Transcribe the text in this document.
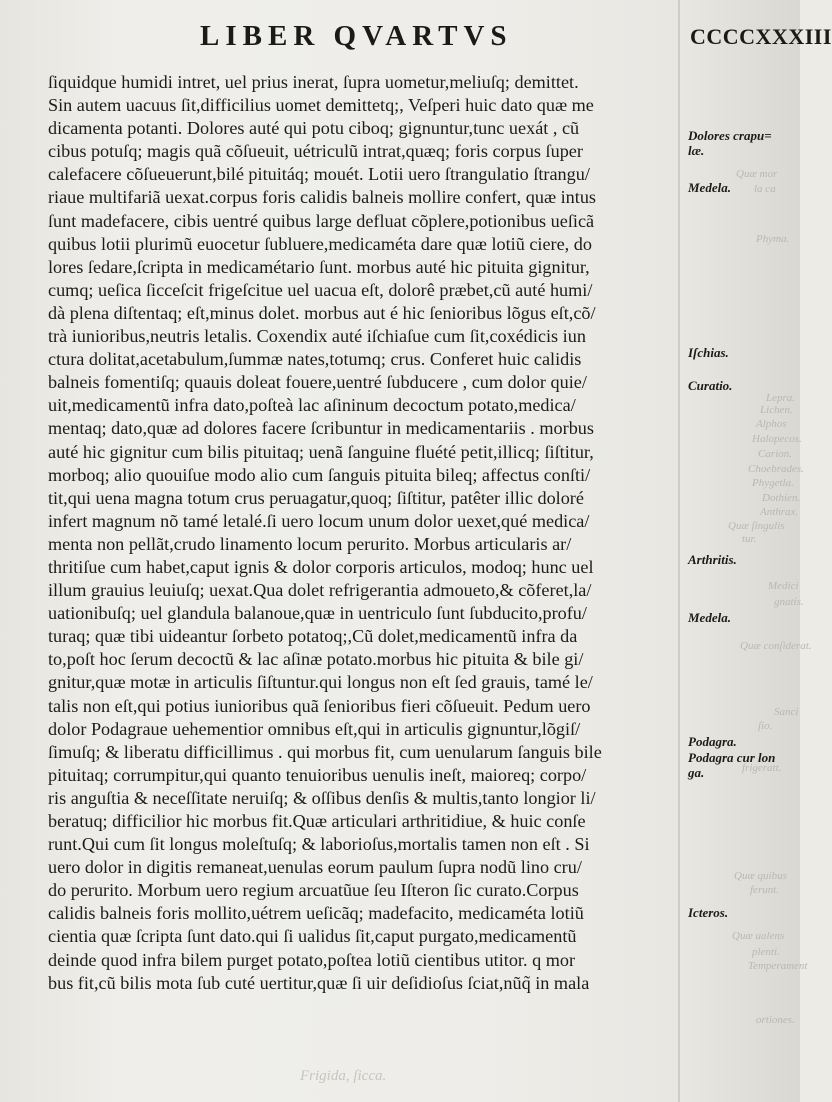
LIBER QVARTVS	CCCCXXXIII
ſiquidque humidi intret, uel prius inerat, ſupra uometur,meliuſq; demittet.
Sin autem uacuus ſit,difficilius uomet demittetq;, Veſperi huic dato quæ me
dicamenta potanti. Dolores auté qui potu ciboq; gignuntur,tunc uexát , cũ
cibus potuſq; magis quã cõſueuit, uétriculũ intrat,quæq; foris corpus ſuper
calefacere cõſueuerunt,bilé pituitáq; mouét. Lotii uero ſtrangulatio ſtrangu/
riaue multifariã uexat.corpus foris calidis balneis mollire confert, quæ intus
ſunt madefacere, cibis uentré quibus large defluat cõplere,potionibus ueſicã
quibus lotii plurimũ euocetur ſubluere,medicaméta dare quæ lotiũ ciere, do
lores ſedare,ſcripta in medicamétario ſunt. morbus auté hic pituita gignitur,
cumq; ueſica ſicceſcit frigeſcitue uel uacua eſt, dolorê præbet,cũ auté humi/
dà plena diſtentaq; eſt,minus dolet. morbus aut é hic ſenioribus lõgus eſt,cõ/
trà iunioribus,neutris letalis. Coxendix auté iſchiaſue cum ſit,coxédicis iun
ctura dolitat,acetabulum,ſummæ nates,totumq; crus. Conferet huic calidis
balneis fomentiſq; quauis doleat fouere,uentré ſubducere , cum dolor quie/
uit,medicamentũ infra dato,poſteà lac aſininum decoctum potato,medica/
mentaq; dato,quæ ad dolores facere ſcribuntur in medicamentariis . morbus
auté hic gignitur cum bilis pituitaq; uenã ſanguine fluété petit,illicq; ſiſtitur,
morboq; alio quouiſue modo alio cum ſanguis pituita bileq; affectus conſti/
tit,qui uena magna totum crus peruagatur,quoq; ſiſtitur, patêter illic doloré
infert magnum nõ tamé letalé.ſi uero locum unum dolor uexet,qué medica/
menta non pellãt,crudo linamento locum perurito. Morbus articularis ar/
thritiſue cum habet,caput ignis & dolor corporis articulos, modoq; hunc uel
illum grauius leuiuſq; uexat.Qua dolet refrigerantia admoueto,& cõferet,la/
uationibuſq; uel glandula balanoue,quæ in uentriculo ſunt ſubducito,profu/
turaq; quæ tibi uideantur ſorbeto potatoq;,Cũ dolet,medicamentũ infra da
to,poſt hoc ſerum decoctũ & lac aſinæ potato.morbus hic pituita & bile gi/
gnitur,quæ motæ in articulis ſiſtuntur.qui longus non eſt ſed grauis, tamé le/
talis non eſt,qui potius iunioribus quã ſenioribus fieri cõſueuit. Pedum uero
dolor Podagraue uehementior omnibus eſt,qui in articulis gignuntur,lõgiſ/
ſimuſq; & liberatu difficillimus . qui morbus fit, cum uenularum ſanguis bile
pituitaq; corrumpitur,qui quanto tenuioribus uenulis ineſt, maioreq; corpo/
ris anguſtia & neceſſitate neruiſq; & oſſibus denſis & multis,tanto longior li/
beratuq; difficilior hic morbus fit.Quæ articulari arthritidiue, & huic conſe
runt.Qui cum ſit longus moleſtuſq; & laborioſus,mortalis tamen non eſt . Si
uero dolor in digitis remaneat,uenulas eorum paulum ſupra nodũ lino cru/
do perurito. Morbum uero regium arcuatũue ſeu Iſteron ſic curato.Corpus
calidis balneis foris mollito,uétrem ueſicãq; madefacito, medicaméta lotiũ
cientia quæ ſcripta ſunt dato.qui ſi ualidus ſit,caput purgato,medicamentũ
deinde quod infra bilem purget potato,poſtea lotiũ cientibus utitor. q mor
bus fit,cũ bilis mota ſub cuté uertitur,quæ ſi uir deſidioſus ſciat,nũq̃ in mala
Quæ mor
la ca
Phyma.
Lepra.
Lichen.
Alphos
Halopecos.
Carion.
Choebrades.
Phygetla.
Dothien.
Anthrax.
Quæ ſingulis
tur.
Medici
gnatis.
Quæ conſiderat.
Sanci
ſio.
frigeratt.
Quæ quibus
ferunt.
Quæ ualens
plenti.
Temperament
ortiones.
Dolores crapu=
læ.
Medela.
Iſchias.
Curatio.
Arthritis.
Medela.
Podagra.
Podagra cur lon
ga.
Icteros.
Frigida, ſicca.
